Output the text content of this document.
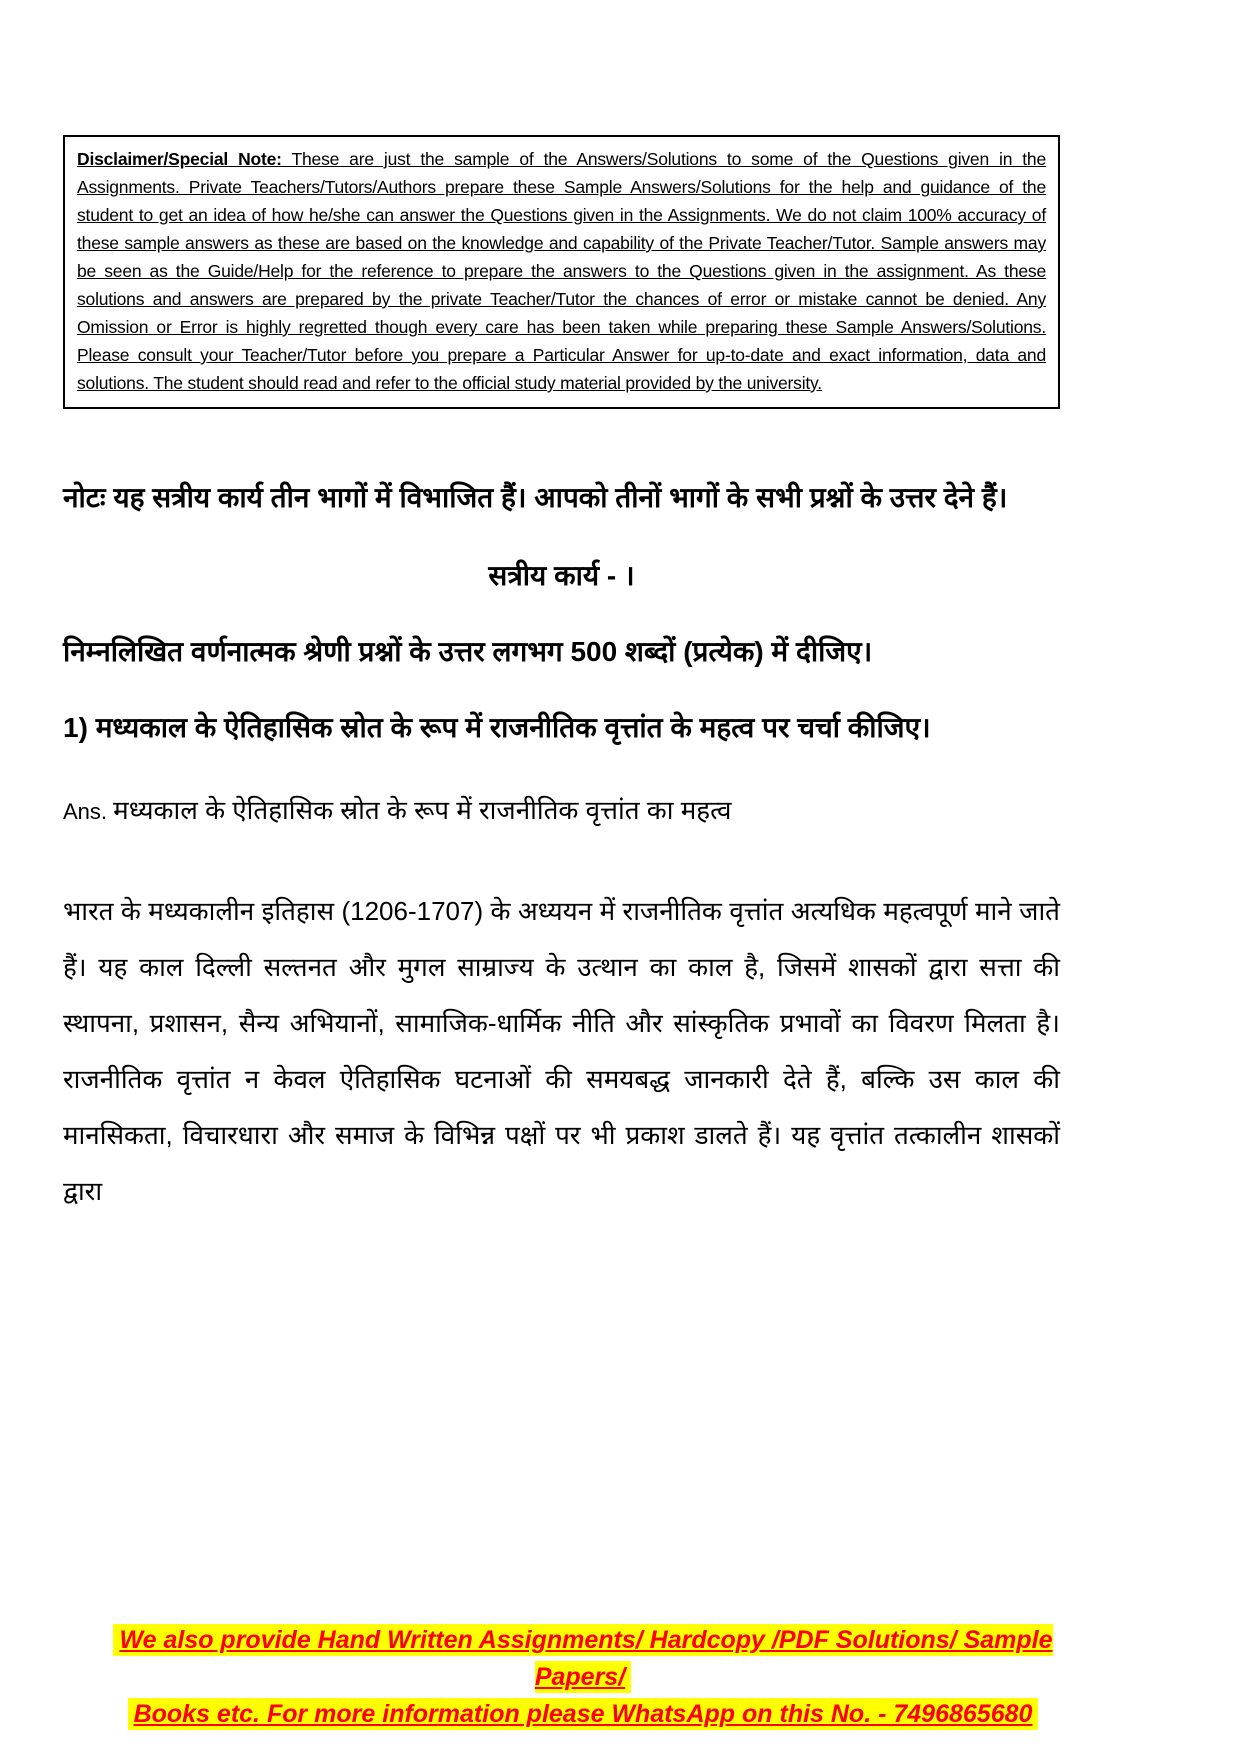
Disclaimer/Special Note: These are just the sample of the Answers/Solutions to some of the Questions given in the Assignments. Private Teachers/Tutors/Authors prepare these Sample Answers/Solutions for the help and guidance of the student to get an idea of how he/she can answer the Questions given in the Assignments. We do not claim 100% accuracy of these sample answers as these are based on the knowledge and capability of the Private Teacher/Tutor. Sample answers may be seen as the Guide/Help for the reference to prepare the answers to the Questions given in the assignment. As these solutions and answers are prepared by the private Teacher/Tutor the chances of error or mistake cannot be denied. Any Omission or Error is highly regretted though every care has been taken while preparing these Sample Answers/Solutions. Please consult your Teacher/Tutor before you prepare a Particular Answer for up-to-date and exact information, data and solutions. The student should read and refer to the official study material provided by the university.

नोटः यह सत्रीय कार्य तीन भागों में विभाजित हैं। आपको तीनों भागों के सभी प्रश्नों के उत्तर देने हैं।

सत्रीय कार्य - ।

निम्नलिखित वर्णनात्मक श्रेणी प्रश्नों के उत्तर लगभग 500 शब्दों (प्रत्येक) में दीजिए।

1) मध्यकाल के ऐतिहासिक स्रोत के रूप में राजनीतिक वृत्तांत के महत्व पर चर्चा कीजिए।

Ans. मध्यकाल के ऐतिहासिक स्रोत के रूप में राजनीतिक वृत्तांत का महत्व

भारत के मध्यकालीन इतिहास (1206-1707) के अध्ययन में राजनीतिक वृत्तांत अत्यधिक महत्वपूर्ण माने जाते हैं। यह काल दिल्ली सल्तनत और मुगल साम्राज्य के उत्थान का काल है, जिसमें शासकों द्वारा सत्ता की स्थापना, प्रशासन, सैन्य अभियानों, सामाजिक-धार्मिक नीति और सांस्कृतिक प्रभावों का विवरण मिलता है। राजनीतिक वृत्तांत न केवल ऐतिहासिक घटनाओं की समयबद्ध जानकारी देते हैं, बल्कि उस काल की मानसिकता, विचारधारा और समाज के विभिन्न पक्षों पर भी प्रकाश डालते हैं। यह वृत्तांत तत्कालीन शासकों द्वारा

We also provide Hand Written Assignments/ Hardcopy /PDF Solutions/ Sample Papers/
Books etc. For more information please WhatsApp on this No. - 7496865680
